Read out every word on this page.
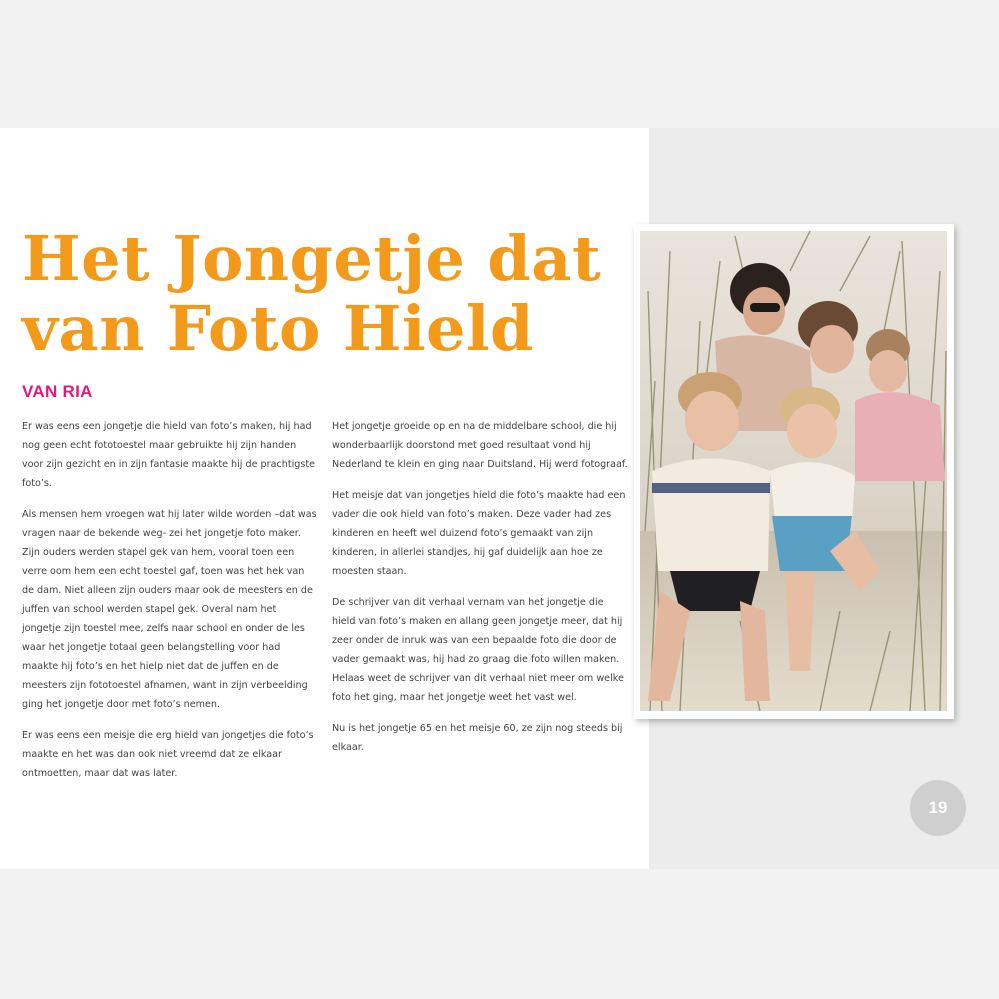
Het Jongetje dat
van Foto Hield
VAN RIA

Er was eens een jongetje die hield van foto’s maken, hij had nog geen echt fototoestel maar gebruikte hij zijn handen voor zijn gezicht en in zijn fantasie maakte hij de prachtigste foto’s.

Als mensen hem vroegen wat hij later wilde worden –dat was vragen naar de bekende weg- zei het jongetje foto maker. Zijn ouders werden stapel gek van hem, vooral toen een verre oom hem een echt toestel gaf, toen was het hek van de dam. Niet alleen zijn ouders maar ook de meesters en de juffen van school werden stapel gek. Overal nam het jongetje zijn toestel mee, zelfs naar school en onder de les waar het jongetje totaal geen belangstelling voor had maakte hij foto’s en het hielp niet dat de juffen en de meesters zijn fototoestel afnamen, want in zijn verbeelding ging het jongetje door met foto’s nemen.

Er was eens een meisje die erg hield van jongetjes die foto’s maakte en het was dan ook niet vreemd dat ze elkaar ontmoetten, maar dat was later.

Het jongetje groeide op en na de middelbare school, die hij wonderbaarlijk doorstond met goed resultaat vond hij Nederland te klein en ging naar Duitsland. Hij werd fotograaf.

Het meisje dat van jongetjes hield die foto’s maakte had een vader die ook hield van foto’s maken. Deze vader had zes kinderen en heeft wel duizend foto’s gemaakt van zijn kinderen, in allerlei standjes, hij gaf duidelijk aan hoe ze moesten staan.

De schrijver van dit verhaal vernam van het jongetje die hield van foto’s maken en allang geen jongetje meer, dat hij zeer onder de inruk was van een bepaalde foto die door de vader gemaakt was, hij had zo graag die foto willen maken. Helaas weet de schrijver van dit verhaal niet meer om welke foto het ging, maar het jongetje weet het vast wel.

Nu is het jongetje 65 en het meisje 60, ze zijn nog steeds bij elkaar.

19
